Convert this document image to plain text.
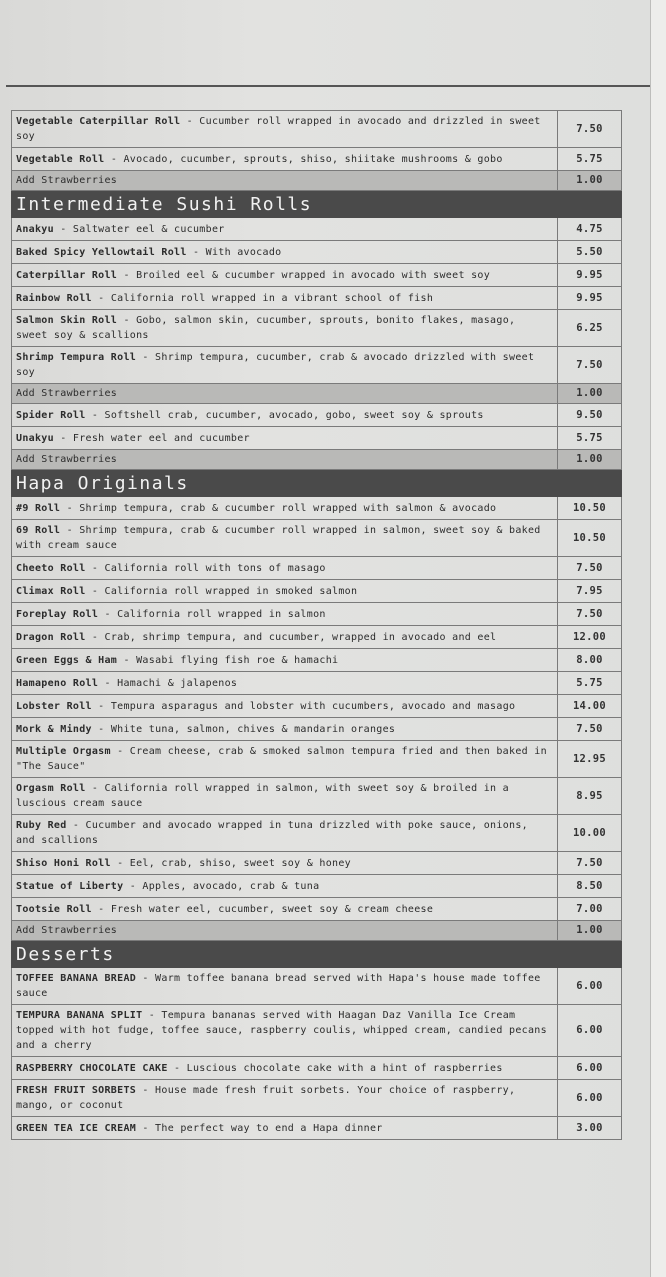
Vegetable Caterpillar Roll - Cucumber roll wrapped in avocado and drizzled in sweet soy	7.50
Vegetable Roll - Avocado, cucumber, sprouts, shiso, shiitake mushrooms & gobo	5.75
Add Strawberries	1.00
Intermediate Sushi Rolls	
Anakyu - Saltwater eel & cucumber	4.75
Baked Spicy Yellowtail Roll - With avocado	5.50
Caterpillar Roll - Broiled eel & cucumber wrapped in avocado with sweet soy	9.95
Rainbow Roll - California roll wrapped in a vibrant school of fish	9.95
Salmon Skin Roll - Gobo, salmon skin, cucumber, sprouts, bonito flakes, masago, sweet soy & scallions	6.25
Shrimp Tempura Roll - Shrimp tempura, cucumber, crab & avocado drizzled with sweet soy	7.50
Add Strawberries	1.00
Spider Roll - Softshell crab, cucumber, avocado, gobo, sweet soy & sprouts	9.50
Unakyu - Fresh water eel and cucumber	5.75
Add Strawberries	1.00
Hapa Originals	
#9 Roll - Shrimp tempura, crab & cucumber roll wrapped with salmon & avocado	10.50
69 Roll - Shrimp tempura, crab & cucumber roll wrapped in salmon, sweet soy & baked with cream sauce	10.50
Cheeto Roll - California roll with tons of masago	7.50
Climax Roll - California roll wrapped in smoked salmon	7.95
Foreplay Roll - California roll wrapped in salmon	7.50
Dragon Roll - Crab, shrimp tempura, and cucumber, wrapped in avocado and eel	12.00
Green Eggs & Ham - Wasabi flying fish roe & hamachi	8.00
Hamapeno Roll - Hamachi & jalapenos	5.75
Lobster Roll - Tempura asparagus and lobster with cucumbers, avocado and masago	14.00
Mork & Mindy - White tuna, salmon, chives & mandarin oranges	7.50
Multiple Orgasm - Cream cheese, crab & smoked salmon tempura fried and then baked in "The Sauce"	12.95
Orgasm Roll - California roll wrapped in salmon, with sweet soy & broiled in a luscious cream sauce	8.95
Ruby Red - Cucumber and avocado wrapped in tuna drizzled with poke sauce, onions, and scallions	10.00
Shiso Honi Roll - Eel, crab, shiso, sweet soy & honey	7.50
Statue of Liberty - Apples, avocado, crab & tuna	8.50
Tootsie Roll - Fresh water eel, cucumber, sweet soy & cream cheese	7.00
Add Strawberries	1.00
Desserts	
TOFFEE BANANA BREAD - Warm toffee banana bread served with Hapa's house made toffee sauce	6.00
TEMPURA BANANA SPLIT - Tempura bananas served with Haagan Daz Vanilla Ice Cream topped with hot fudge, toffee sauce, raspberry coulis, whipped cream, candied pecans and a cherry	6.00
RASPBERRY CHOCOLATE CAKE - Luscious chocolate cake with a hint of raspberries	6.00
FRESH FRUIT SORBETS - House made fresh fruit sorbets. Your choice of raspberry, mango, or coconut	6.00
GREEN TEA ICE CREAM - The perfect way to end a Hapa dinner	3.00
